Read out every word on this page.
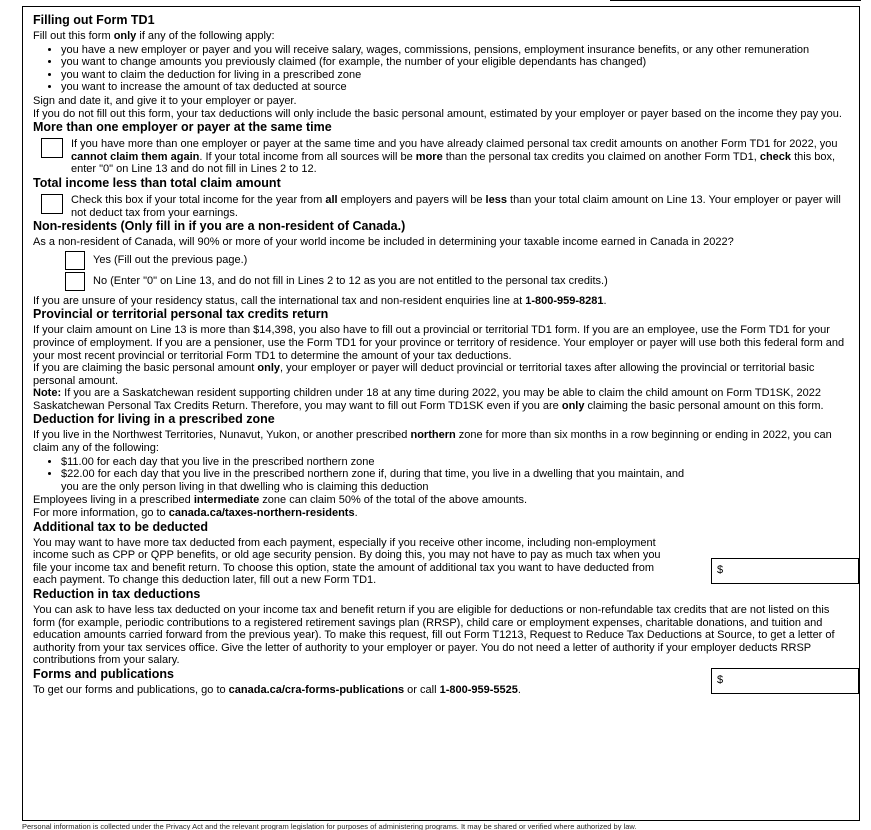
Filling out Form TD1

Fill out this form only if any of the following apply:

• you have a new employer or payer and you will receive salary, wages, commissions, pensions, employment insurance benefits, or any other remuneration
• you want to change amounts you previously claimed (for example, the number of your eligible dependants has changed)
• you want to claim the deduction for living in a prescribed zone
• you want to increase the amount of tax deducted at source

Sign and date it, and give it to your employer or payer.

If you do not fill out this form, your tax deductions will only include the basic personal amount, estimated by your employer or payer based on the income they pay you.

More than one employer or payer at the same time
If you have more than one employer or payer at the same time and you have already claimed personal tax credit amounts on another Form TD1 for 2022, you cannot claim them again. If your total income from all sources will be more than the personal tax credits you claimed on another Form TD1, check this box, enter "0" on Line 13 and do not fill in Lines 2 to 12.
Total income less than total claim amount
Check this box if your total income for the year from all employers and payers will be less than your total claim amount on Line 13. Your employer or payer will not deduct tax from your earnings.
Non-residents (Only fill in if you are a non-resident of Canada.)

As a non-resident of Canada, will 90% or more of your world income be included in determining your taxable income earned in Canada in 2022?

Yes (Fill out the previous page.)
No (Enter "0" on Line 13, and do not fill in Lines 2 to 12 as you are not entitled to the personal tax credits.)

If you are unsure of your residency status, call the international tax and non-resident enquiries line at 1-800-959-8281.

Provincial or territorial personal tax credits return

If your claim amount on Line 13 is more than $14,398, you also have to fill out a provincial or territorial TD1 form. If you are an employee, use the Form TD1 for your province of employment. If you are a pensioner, use the Form TD1 for your province or territory of residence. Your employer or payer will use both this federal form and your most recent provincial or territorial Form TD1 to determine the amount of your tax deductions.

If you are claiming the basic personal amount only, your employer or payer will deduct provincial or territorial taxes after allowing the provincial or territorial basic personal amount.

Note: If you are a Saskatchewan resident supporting children under 18 at any time during 2022, you may be able to claim the child amount on Form TD1SK, 2022 Saskatchewan Personal Tax Credits Return. Therefore, you may want to fill out Form TD1SK even if you are only claiming the basic personal amount on this form.

Deduction for living in a prescribed zone

If you live in the Northwest Territories, Nunavut, Yukon, or another prescribed northern zone for more than six months in a row beginning or ending in 2022, you can claim any of the following:

• $11.00 for each day that you live in the prescribed northern zone
• $22.00 for each day that you live in the prescribed northern zone if, during that time, you live in a dwelling that you maintain, and you are the only person living in that dwelling who is claiming this deduction

Employees living in a prescribed intermediate zone can claim 50% of the total of the above amounts.

For more information, go to canada.ca/taxes-northern-residents.

Additional tax to be deducted

You may want to have more tax deducted from each payment, especially if you receive other income, including non-employment income such as CPP or QPP benefits, or old age security pension. By doing this, you may not have to pay as much tax when you file your income tax and benefit return. To choose this option, state the amount of additional tax you want to have deducted from each payment. To change this deduction later, fill out a new Form TD1.

Reduction in tax deductions

You can ask to have less tax deducted on your income tax and benefit return if you are eligible for deductions or non-refundable tax credits that are not listed on this form (for example, periodic contributions to a registered retirement savings plan (RRSP), child care or employment expenses, charitable donations, and tuition and education amounts carried forward from the previous year). To make this request, fill out Form T1213, Request to Reduce Tax Deductions at Source, to get a letter of authority from your tax services office. Give the letter of authority to your employer or payer. You do not need a letter of authority if your employer deducts RRSP contributions from your salary.

Forms and publications

To get our forms and publications, go to canada.ca/cra-forms-publications or call 1-800-959-5525.

$
$
Personal information is collected under the Privacy Act and the relevant program legislation for purposes of administering programs. It may be shared or verified where authorized by law.
